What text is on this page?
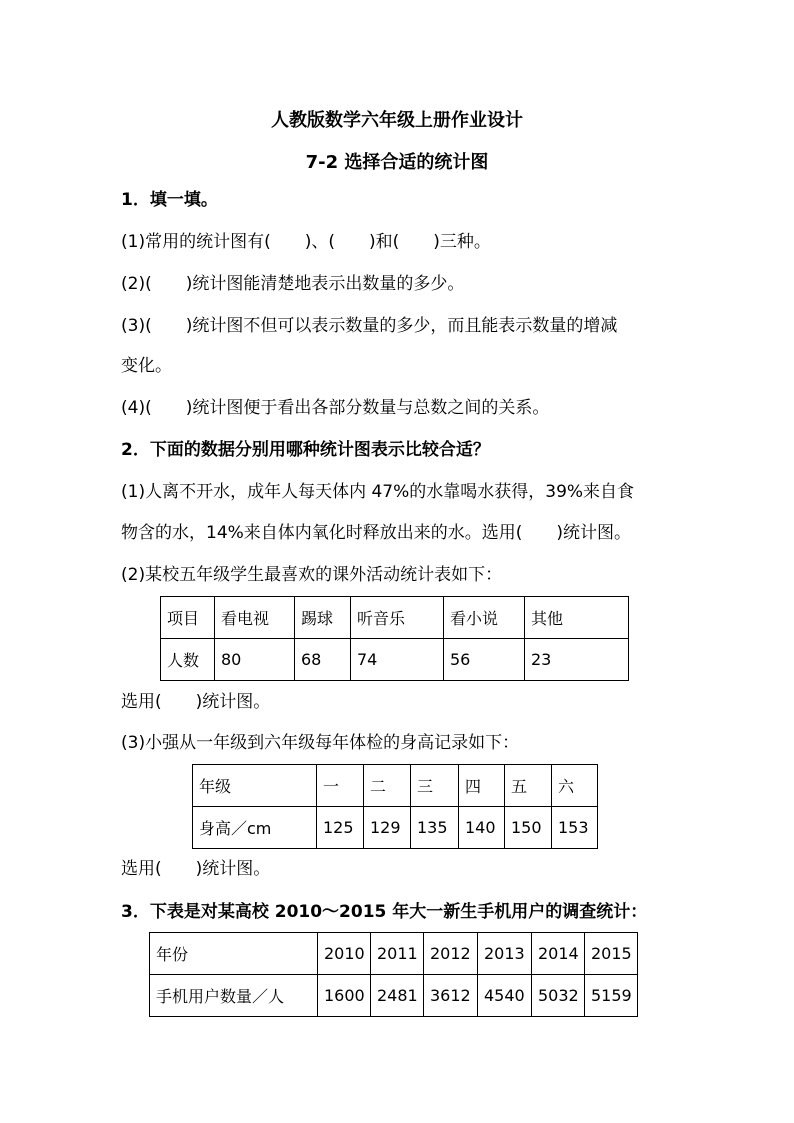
人教版数学六年级上册作业设计
7-2 选择合适的统计图
1．填一填。
(1)常用的统计图有(　　)、(　　)和(　　)三种。
(2)(　　)统计图能清楚地表示出数量的多少。
(3)(　　)统计图不但可以表示数量的多少，而且能表示数量的增减
变化。
(4)(　　)统计图便于看出各部分数量与总数之间的关系。
2．下面的数据分别用哪种统计图表示比较合适？
(1)人离不开水，成年人每天体内 47%的水靠喝水获得，39%来自食
物含的水，14%来自体内氧化时释放出来的水。选用(　　)统计图。
(2)某校五年级学生最喜欢的课外活动统计表如下：
项目	看电视	踢球	听音乐	看小说	其他
人数	80	68	74	56	23
选用(　　)统计图。
(3)小强从一年级到六年级每年体检的身高记录如下：
年级	一	二	三	四	五	六
身高／cm	125	129	135	140	150	153
选用(　　)统计图。
3．下表是对某高校 2010～2015 年大一新生手机用户的调查统计：
年份	2010	2011	2012	2013	2014	2015
手机用户数量／人	1600	2481	3612	4540	5032	5159
